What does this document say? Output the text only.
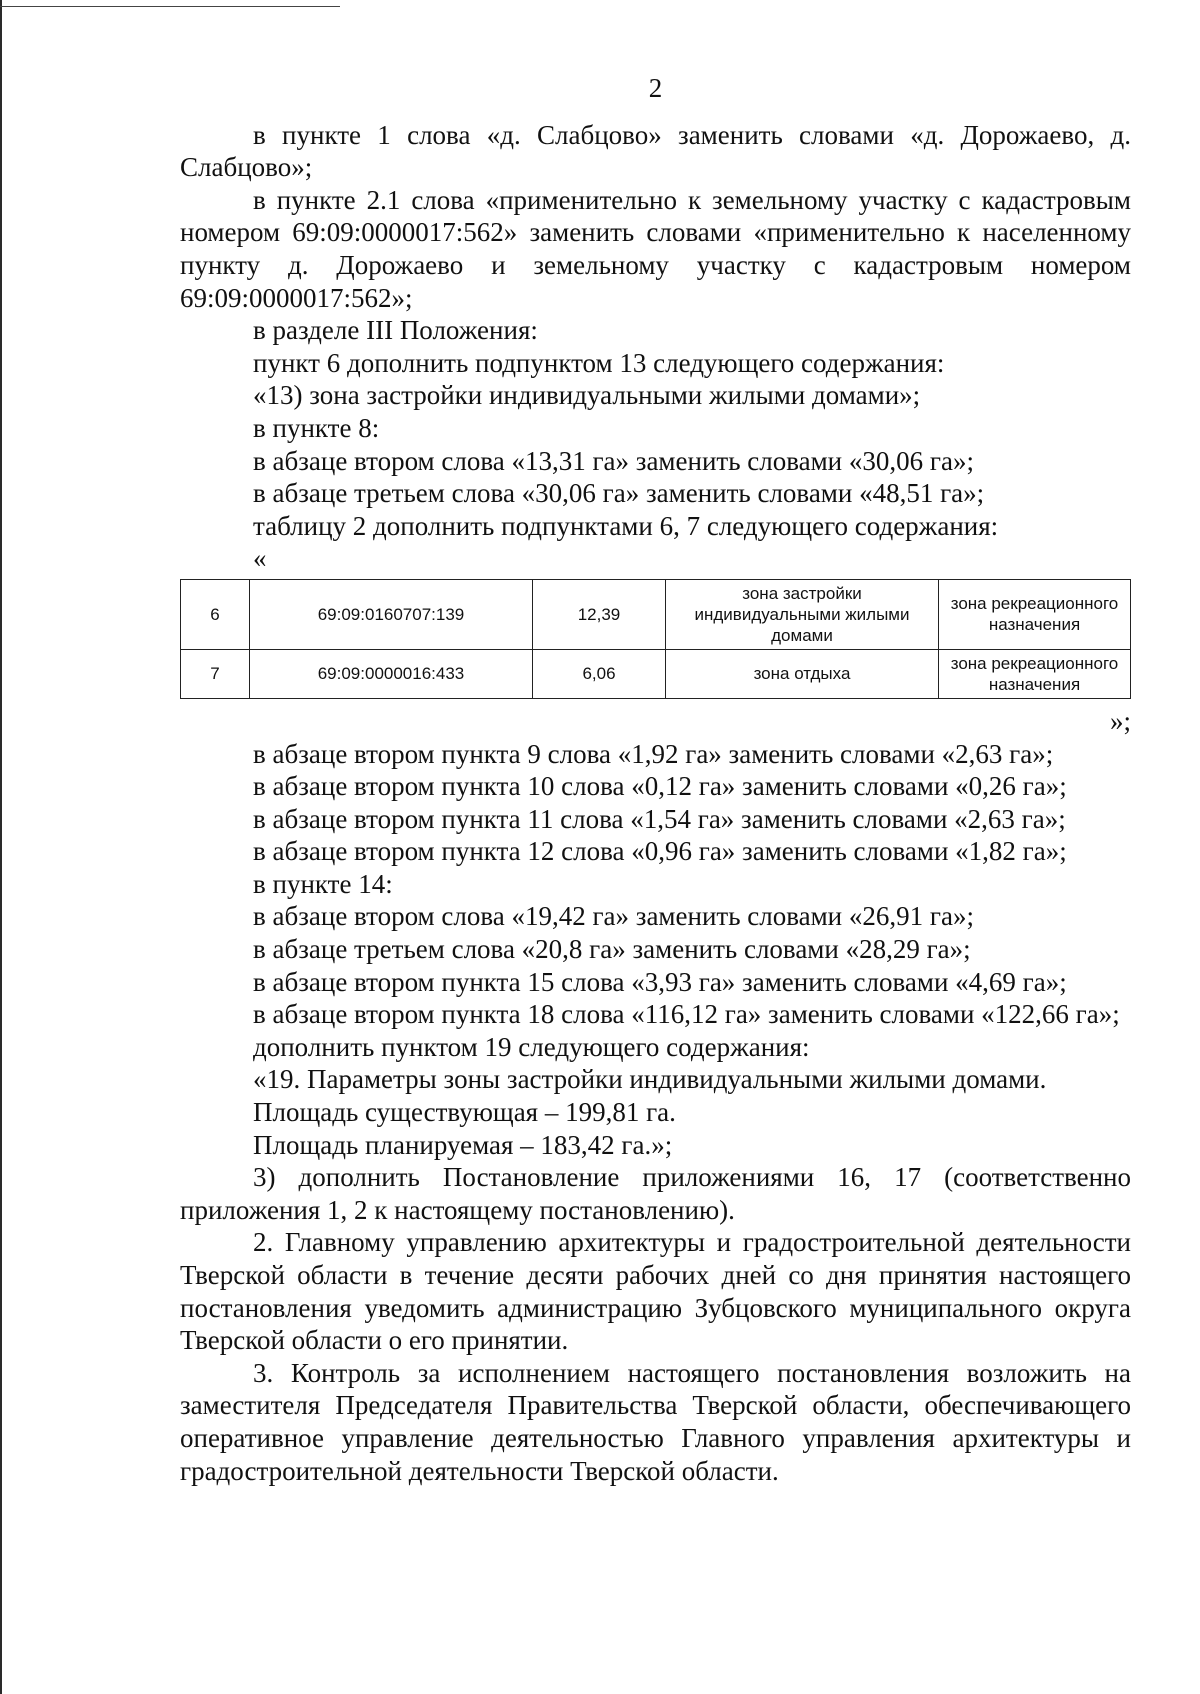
2

в пункте 1 слова «д. Слабцово» заменить словами «д. Дорожаево, д. Слабцово»;

в пункте 2.1 слова «применительно к земельному участку с кадастровым номером 69:09:0000017:562» заменить словами «применительно к населенному пункту д. Дорожаево и земельному участку с кадастровым номером 69:09:0000017:562»;

в разделе III Положения:

пункт 6 дополнить подпунктом 13 следующего содержания:

«13) зона застройки индивидуальными жилыми домами»;

в пункте 8:

в абзаце втором слова «13,31 га» заменить словами «30,06 га»;

в абзаце третьем слова «30,06 га» заменить словами «48,51 га»;

таблицу 2 дополнить подпунктами 6, 7 следующего содержания:

«

6	69:09:0160707:139	12,39	зона застройки индивидуальными жилыми домами	зона рекреационного назначения
7	69:09:0000016:433	6,06	зона отдыха	зона рекреационного назначения

»;

в абзаце втором пункта 9 слова «1,92 га» заменить словами «2,63 га»;

в абзаце втором пункта 10 слова «0,12 га» заменить словами «0,26 га»;

в абзаце втором пункта 11 слова «1,54 га» заменить словами «2,63 га»;

в абзаце втором пункта 12 слова «0,96 га» заменить словами «1,82 га»;

в пункте 14:

в абзаце втором слова «19,42 га» заменить словами «26,91 га»;

в абзаце третьем слова «20,8 га» заменить словами «28,29 га»;

в абзаце втором пункта 15 слова «3,93 га» заменить словами «4,69 га»;

в абзаце втором пункта 18 слова «116,12 га» заменить словами «122,66 га»;

дополнить пунктом 19 следующего содержания:

«19. Параметры зоны застройки индивидуальными жилыми домами.

Площадь существующая – 199,81 га.

Площадь планируемая – 183,42 га.»;

3) дополнить Постановление приложениями 16, 17 (соответственно приложения 1, 2 к настоящему постановлению).

2. Главному управлению архитектуры и градостроительной деятельности Тверской области в течение десяти рабочих дней со дня принятия настоящего постановления уведомить администрацию Зубцовского муниципального округа Тверской области о его принятии.

3. Контроль за исполнением настоящего постановления возложить на заместителя Председателя Правительства Тверской области, обеспечивающего оперативное управление деятельностью Главного управления архитектуры и градостроительной деятельности Тверской области.
